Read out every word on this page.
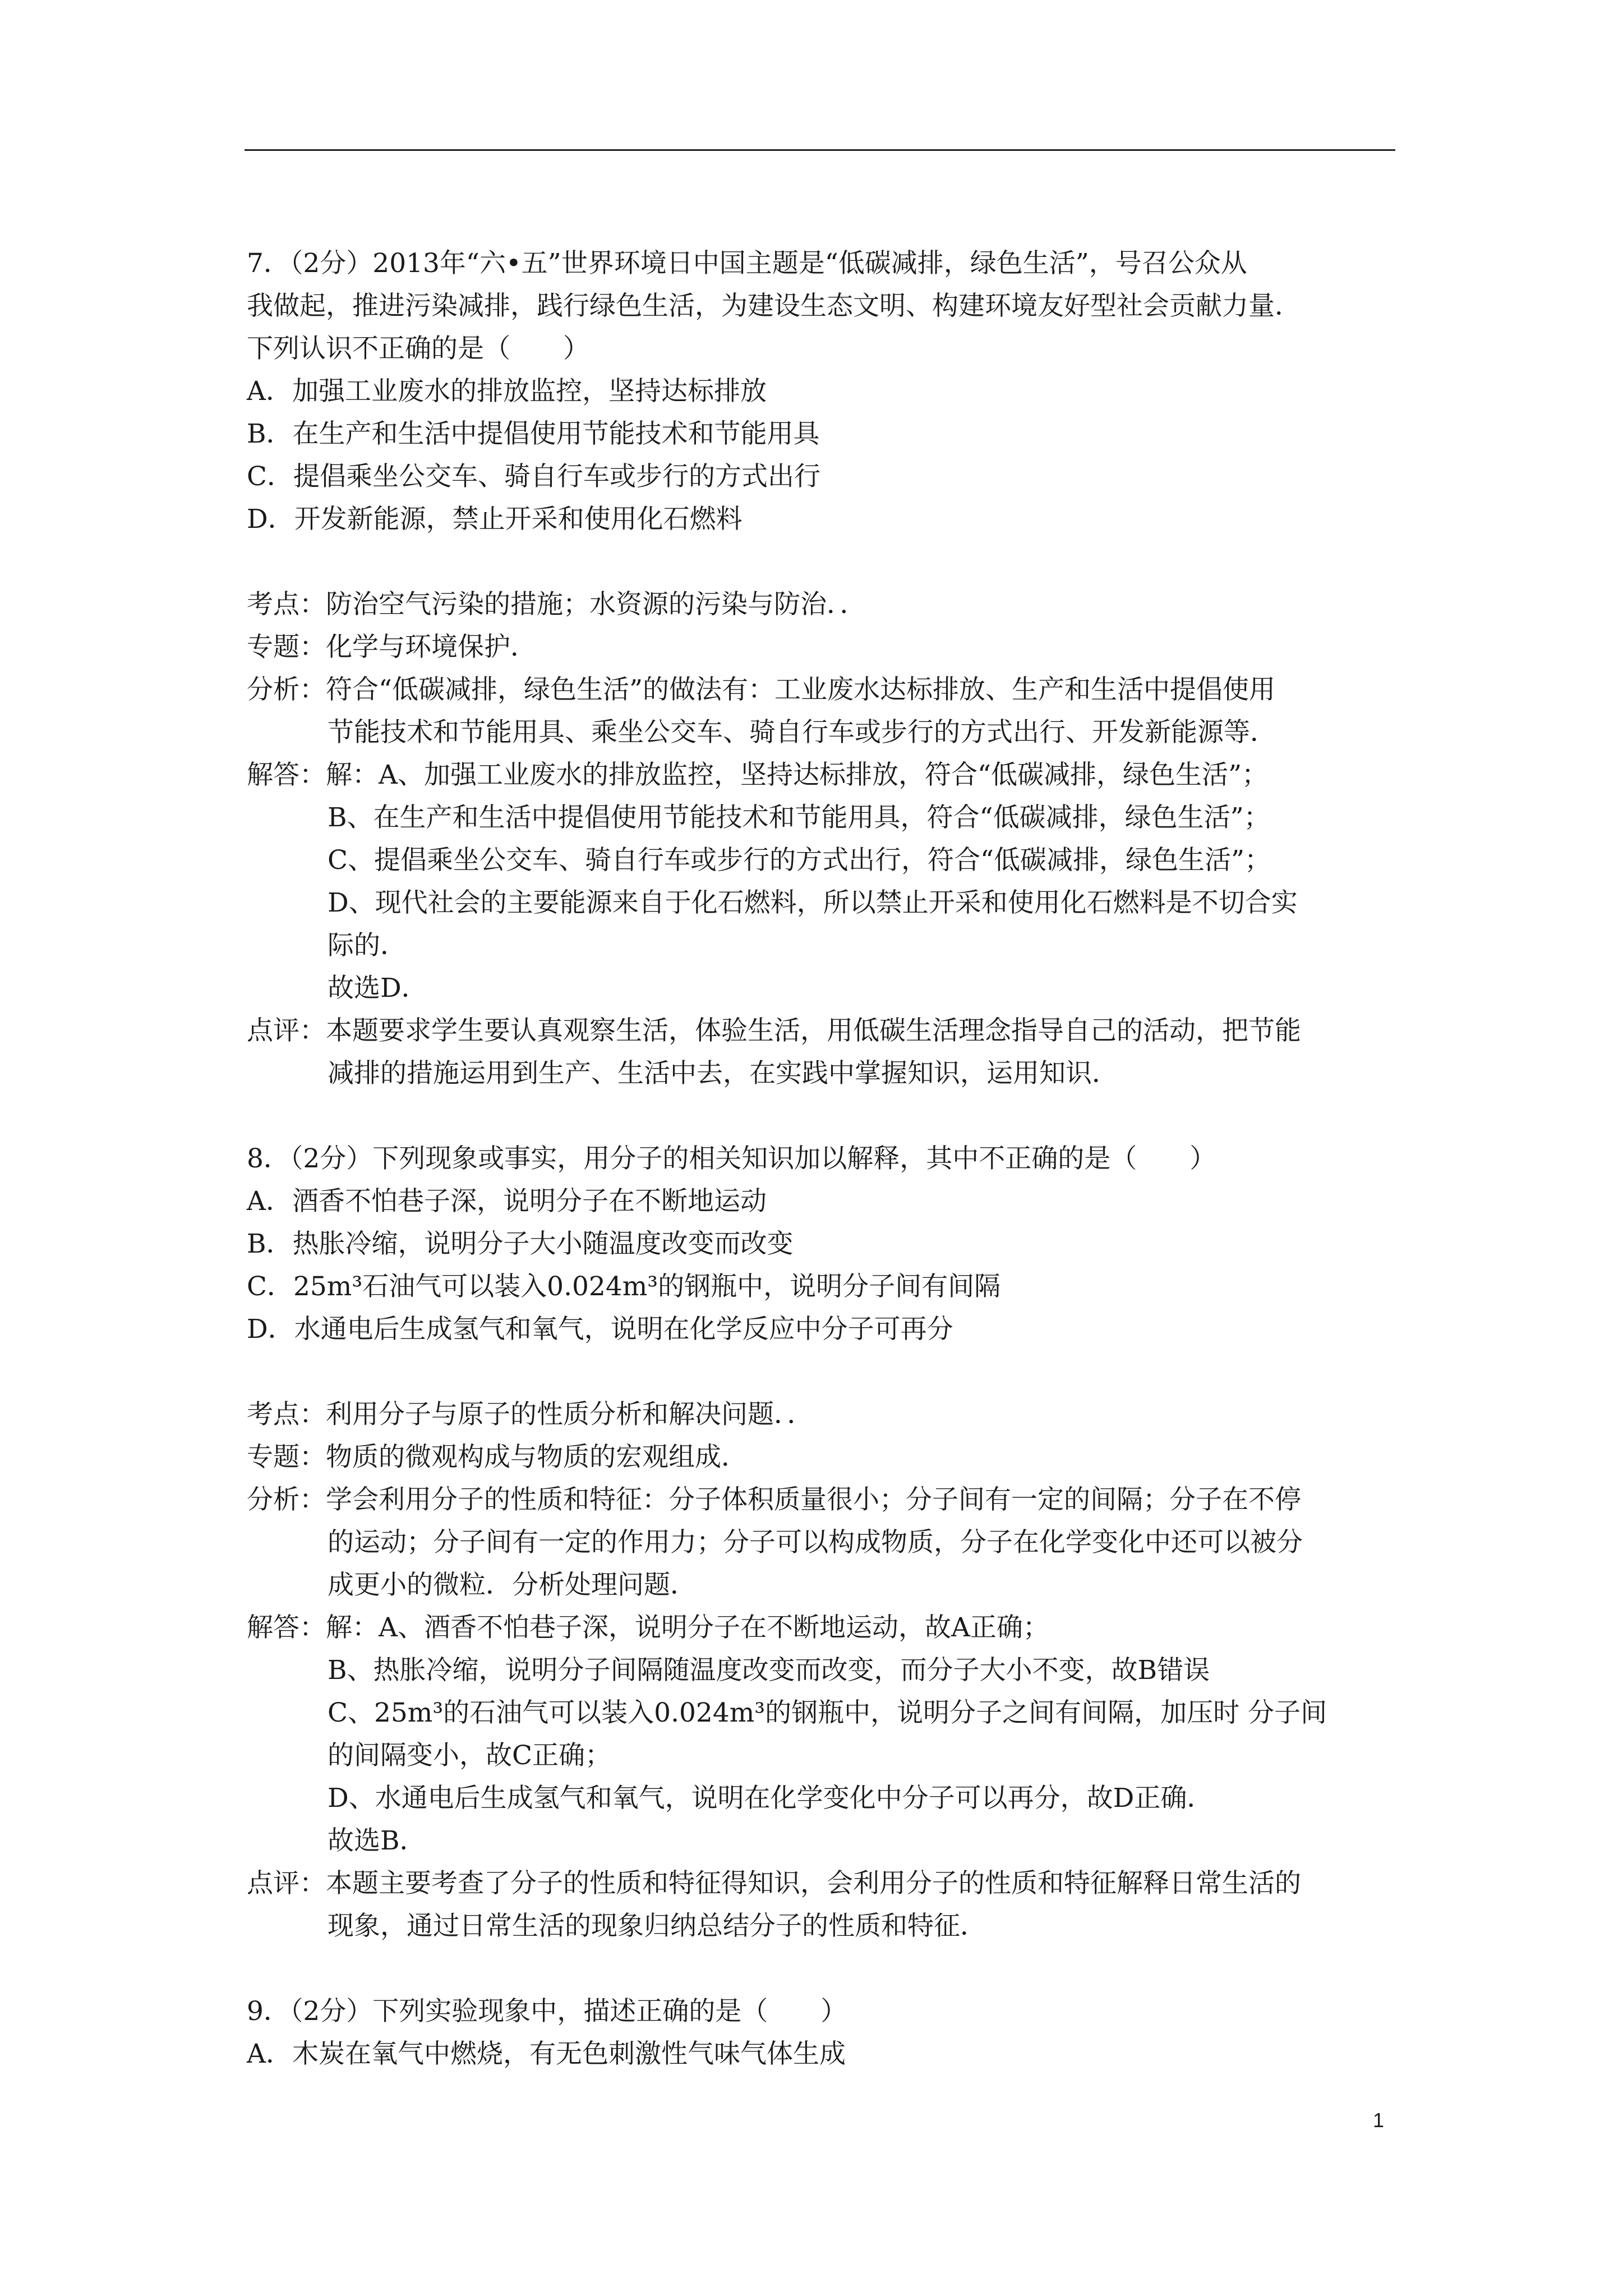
7．（2分）2013年“六•五”世界环境日中国主题是“低碳减排，绿色生活”，号召公众从
我做起，推进污染减排，践行绿色生活，为建设生态文明、构建环境友好型社会贡献力量．
下列认识不正确的是（　　）
A．加强工业废水的排放监控，坚持达标排放
B．在生产和生活中提倡使用节能技术和节能用具
C．提倡乘坐公交车、骑自行车或步行的方式出行
D．开发新能源，禁止开采和使用化石燃料
考点：防治空气污染的措施；水资源的污染与防治．．
专题：化学与环境保护．
分析：符合“低碳减排，绿色生活”的做法有：工业废水达标排放、生产和生活中提倡使用
节能技术和节能用具、乘坐公交车、骑自行车或步行的方式出行、开发新能源等．
解答：解：A、加强工业废水的排放监控，坚持达标排放，符合“低碳减排，绿色生活”；
B、在生产和生活中提倡使用节能技术和节能用具，符合“低碳减排，绿色生活”；
C、提倡乘坐公交车、骑自行车或步行的方式出行，符合“低碳减排，绿色生活”；
D、现代社会的主要能源来自于化石燃料，所以禁止开采和使用化石燃料是不切合实
际的．
故选D．
点评：本题要求学生要认真观察生活，体验生活，用低碳生活理念指导自己的活动，把节能
减排的措施运用到生产、生活中去，在实践中掌握知识，运用知识．
8．（2分）下列现象或事实，用分子的相关知识加以解释，其中不正确的是（　　）
A．酒香不怕巷子深，说明分子在不断地运动
B．热胀冷缩，说明分子大小随温度改变而改变
C．25m³石油气可以装入0.024m³的钢瓶中，说明分子间有间隔
D．水通电后生成氢气和氧气，说明在化学反应中分子可再分
考点：利用分子与原子的性质分析和解决问题．．
专题：物质的微观构成与物质的宏观组成．
分析：学会利用分子的性质和特征：分子体积质量很小；分子间有一定的间隔；分子在不停
的运动；分子间有一定的作用力；分子可以构成物质，分子在化学变化中还可以被分
成更小的微粒．分析处理问题．
解答：解：A、酒香不怕巷子深，说明分子在不断地运动，故A正确；
B、热胀冷缩，说明分子间隔随温度改变而改变，而分子大小不变，故B错误
C、25m³的石油气可以装入0.024m³的钢瓶中，说明分子之间有间隔，加压时 分子间
的间隔变小，故C正确；
D、水通电后生成氢气和氧气，说明在化学变化中分子可以再分，故D正确．
故选B．
点评：本题主要考查了分子的性质和特征得知识，会利用分子的性质和特征解释日常生活的
现象，通过日常生活的现象归纳总结分子的性质和特征．
9．（2分）下列实验现象中，描述正确的是（　　）
A．木炭在氧气中燃烧，有无色刺激性气味气体生成
1
